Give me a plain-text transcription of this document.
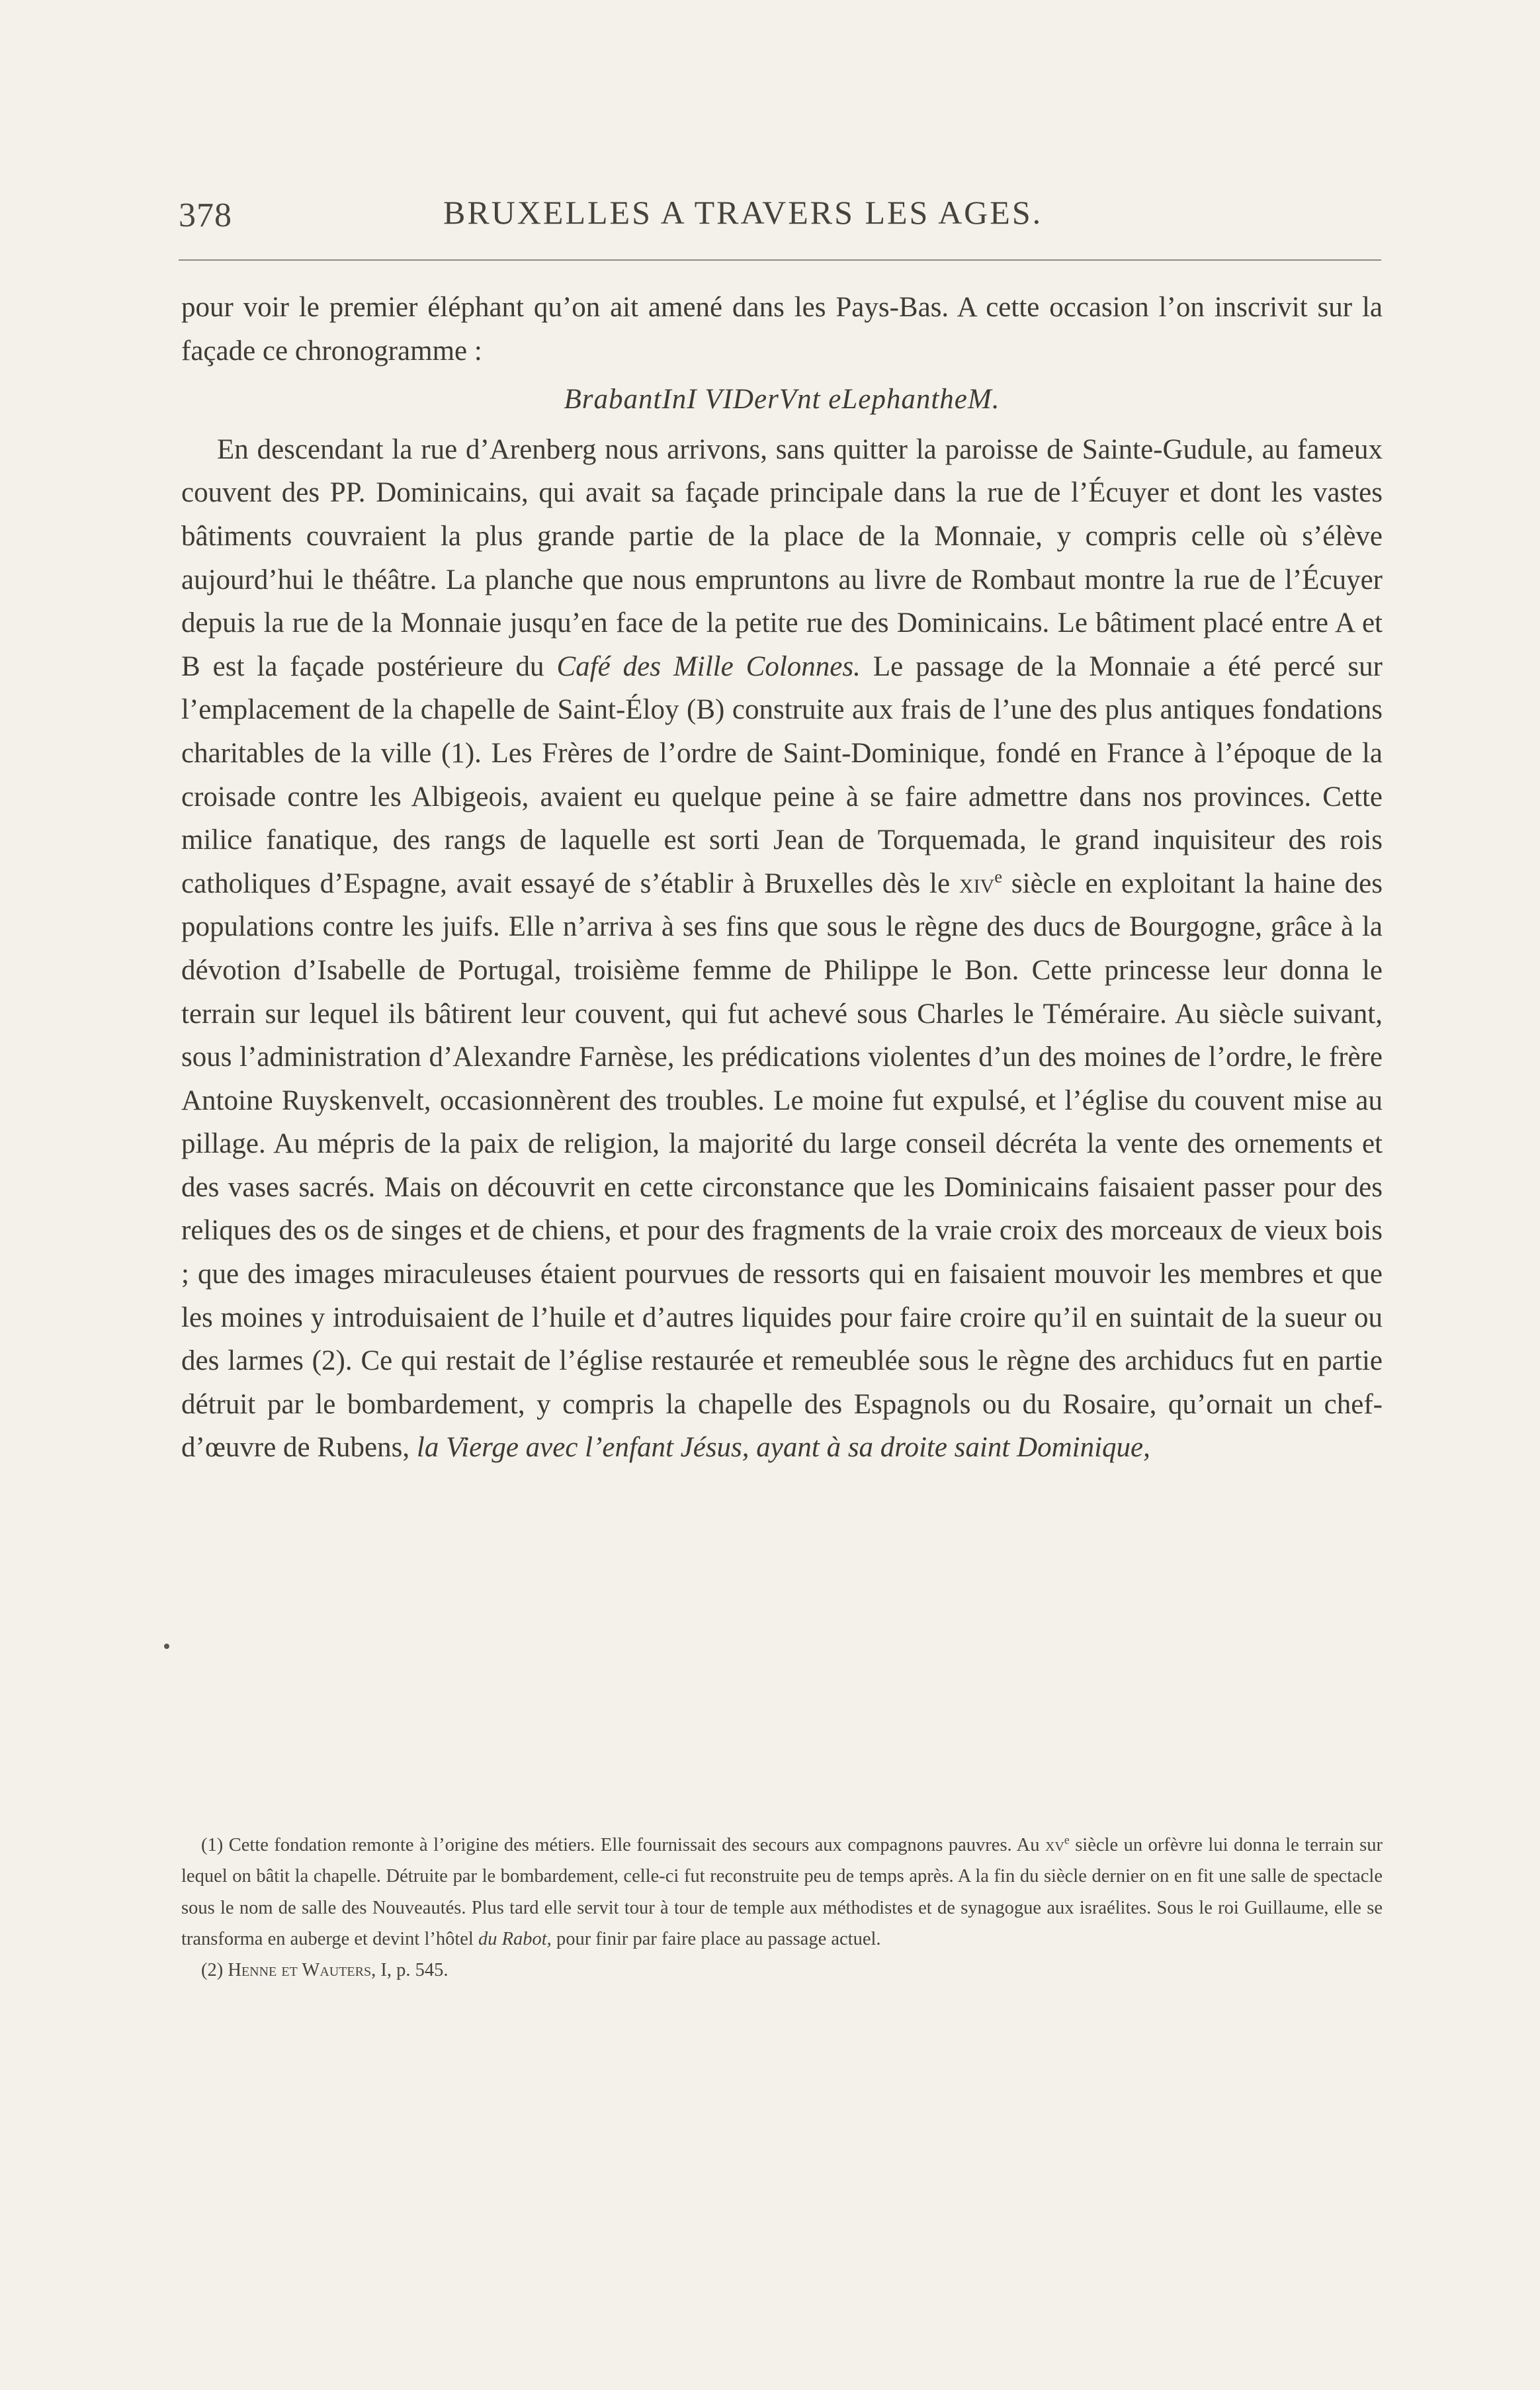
378	BRUXELLES A TRAVERS LES AGES.

pour voir le premier éléphant qu’on ait amené dans les Pays-Bas. A cette occasion l’on inscrivit sur la façade ce chronogramme :

BrabantInI VIDerVnt eLephantheM.

En descendant la rue d’Arenberg nous arrivons, sans quitter la paroisse de Sainte-Gudule, au fameux couvent des PP. Dominicains, qui avait sa façade principale dans la rue de l’Écuyer et dont les vastes bâtiments couvraient la plus grande partie de la place de la Monnaie, y compris celle où s’élève aujourd’hui le théâtre. La planche que nous empruntons au livre de Rombaut montre la rue de l’Écuyer depuis la rue de la Monnaie jusqu’en face de la petite rue des Dominicains. Le bâtiment placé entre A et B est la façade postérieure du Café des Mille Colonnes. Le passage de la Monnaie a été percé sur l’emplacement de la chapelle de Saint-Éloy (B) construite aux frais de l’une des plus antiques fondations charitables de la ville (1). Les Frères de l’ordre de Saint-Dominique, fondé en France à l’époque de la croisade contre les Albigeois, avaient eu quelque peine à se faire admettre dans nos provinces. Cette milice fanatique, des rangs de laquelle est sorti Jean de Torquemada, le grand inquisiteur des rois catholiques d’Espagne, avait essayé de s’établir à Bruxelles dès le xiv$^e$ siècle en exploitant la haine des populations contre les juifs. Elle n’arriva à ses fins que sous le règne des ducs de Bourgogne, grâce à la dévotion d’Isabelle de Portugal, troisième femme de Philippe le Bon. Cette princesse leur donna le terrain sur lequel ils bâtirent leur couvent, qui fut achevé sous Charles le Téméraire. Au siècle suivant, sous l’administration d’Alexandre Farnèse, les prédications violentes d’un des moines de l’ordre, le frère Antoine Ruyskenvelt, occasionnèrent des troubles. Le moine fut expulsé, et l’église du couvent mise au pillage. Au mépris de la paix de religion, la majorité du large conseil décréta la vente des ornements et des vases sacrés. Mais on découvrit en cette circonstance que les Dominicains faisaient passer pour des reliques des os de singes et de chiens, et pour des fragments de la vraie croix des morceaux de vieux bois ; que des images miraculeuses étaient pourvues de ressorts qui en faisaient mouvoir les membres et que les moines y introduisaient de l’huile et d’autres liquides pour faire croire qu’il en suintait de la sueur ou des larmes (2). Ce qui restait de l’église restaurée et remeublée sous le règne des archiducs fut en partie détruit par le bombardement, y compris la chapelle des Espagnols ou du Rosaire, qu’ornait un chef-d’œuvre de Rubens, la Vierge avec l’enfant Jésus, ayant à sa droite saint Dominique,

(1) Cette fondation remonte à l’origine des métiers. Elle fournissait des secours aux compagnons pauvres. Au $xv^e$ siècle un orfèvre lui donna le terrain sur lequel on bâtit la chapelle. Détruite par le bombardement, celle-ci fut reconstruite peu de temps après. A la fin du siècle dernier on en fit une salle de spectacle sous le nom de salle des Nouveautés. Plus tard elle servit tour à tour de temple aux méthodistes et de synagogue aux israélites. Sous le roi Guillaume, elle se transforma en auberge et devint l’hôtel du Rabot, pour finir par faire place au passage actuel.

(2) Henne et Wauters, I, p. 545.
